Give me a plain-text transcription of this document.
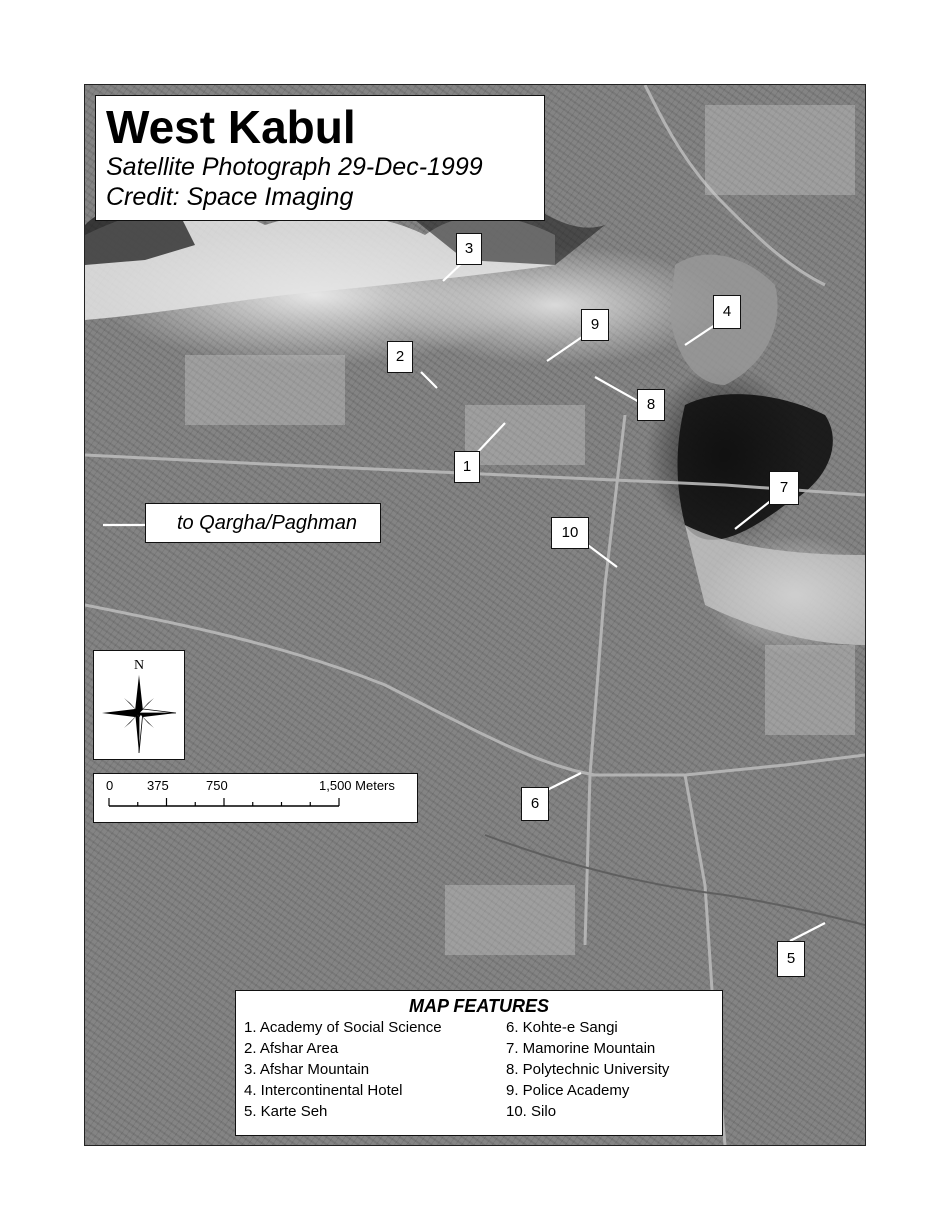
West Kabul
Satellite Photograph 29-Dec-1999
Credit: Space Imaging
1
2
3
4
5
6
7
8
9
10
to Qargha/Paghman
N
0	375	750	1,500 Meters
MAP FEATURES
1. Academy of Social Science
2. Afshar Area
3. Afshar Mountain
4. Intercontinental Hotel
5. Karte Seh
6. Kohte-e Sangi
7. Mamorine Mountain
8. Polytechnic University
9. Police Academy
10. Silo
